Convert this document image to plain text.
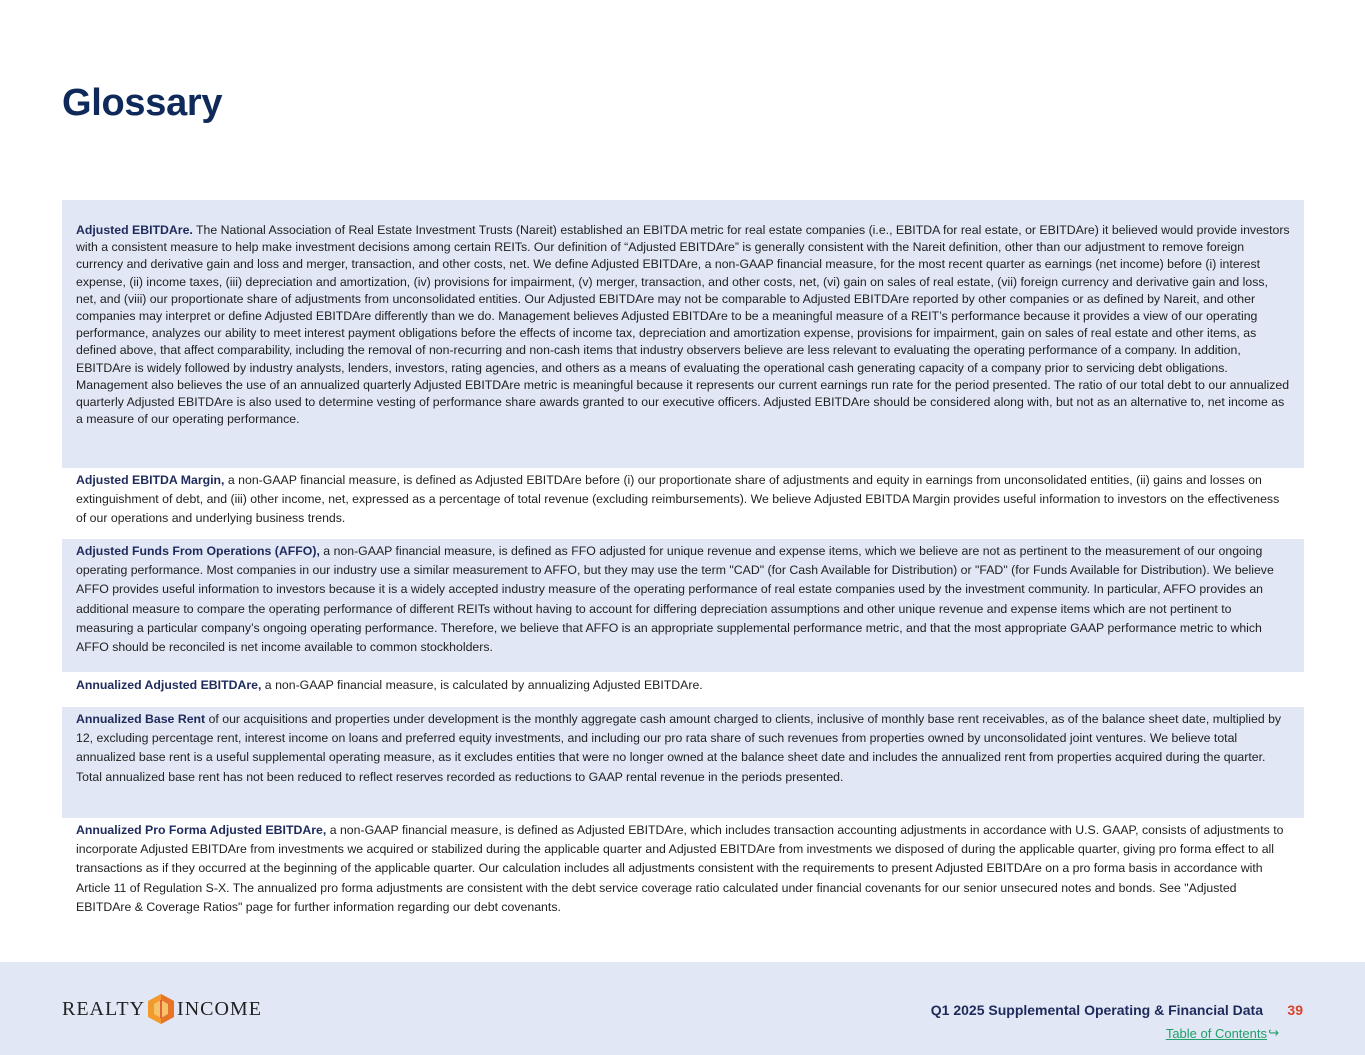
Glossary

Adjusted EBITDAre. The National Association of Real Estate Investment Trusts (Nareit) established an EBITDA metric for real estate companies (i.e., EBITDA for real estate, or EBITDAre) it believed would provide investors with a consistent measure to help make investment decisions among certain REITs. Our definition of “Adjusted EBITDAre” is generally consistent with the Nareit definition, other than our adjustment to remove foreign currency and derivative gain and loss and merger, transaction, and other costs, net. We define Adjusted EBITDAre, a non-GAAP financial measure, for the most recent quarter as earnings (net income) before (i) interest expense, (ii) income taxes, (iii) depreciation and amortization, (iv) provisions for impairment, (v) merger, transaction, and other costs, net, (vi) gain on sales of real estate, (vii) foreign currency and derivative gain and loss, net, and (viii) our proportionate share of adjustments from unconsolidated entities. Our Adjusted EBITDAre may not be comparable to Adjusted EBITDAre reported by other companies or as defined by Nareit, and other companies may interpret or define Adjusted EBITDAre differently than we do. Management believes Adjusted EBITDAre to be a meaningful measure of a REIT’s performance because it provides a view of our operating performance, analyzes our ability to meet interest payment obligations before the effects of income tax, depreciation and amortization expense, provisions for impairment, gain on sales of real estate and other items, as defined above, that affect comparability, including the removal of non-recurring and non-cash items that industry observers believe are less relevant to evaluating the operating performance of a company. In addition, EBITDAre is widely followed by industry analysts, lenders, investors, rating agencies, and others as a means of evaluating the operational cash generating capacity of a company prior to servicing debt obligations. Management also believes the use of an annualized quarterly Adjusted EBITDAre metric is meaningful because it represents our current earnings run rate for the period presented. The ratio of our total debt to our annualized quarterly Adjusted EBITDAre is also used to determine vesting of performance share awards granted to our executive officers. Adjusted EBITDAre should be considered along with, but not as an alternative to, net income as a measure of our operating performance.

Adjusted EBITDA Margin, a non-GAAP financial measure, is defined as Adjusted EBITDAre before (i) our proportionate share of adjustments and equity in earnings from unconsolidated entities, (ii) gains and losses on extinguishment of debt, and (iii) other income, net, expressed as a percentage of total revenue (excluding reimbursements). We believe Adjusted EBITDA Margin provides useful information to investors on the effectiveness of our operations and underlying business trends.

Adjusted Funds From Operations (AFFO), a non-GAAP financial measure, is defined as FFO adjusted for unique revenue and expense items, which we believe are not as pertinent to the measurement of our ongoing operating performance. Most companies in our industry use a similar measurement to AFFO, but they may use the term "CAD" (for Cash Available for Distribution) or "FAD" (for Funds Available for Distribution). We believe AFFO provides useful information to investors because it is a widely accepted industry measure of the operating performance of real estate companies used by the investment community. In particular, AFFO provides an additional measure to compare the operating performance of different REITs without having to account for differing depreciation assumptions and other unique revenue and expense items which are not pertinent to measuring a particular company’s ongoing operating performance. Therefore, we believe that AFFO is an appropriate supplemental performance metric, and that the most appropriate GAAP performance metric to which AFFO should be reconciled is net income available to common stockholders.

Annualized Adjusted EBITDAre, a non-GAAP financial measure, is calculated by annualizing Adjusted EBITDAre.

Annualized Base Rent of our acquisitions and properties under development is the monthly aggregate cash amount charged to clients, inclusive of monthly base rent receivables, as of the balance sheet date, multiplied by 12, excluding percentage rent, interest income on loans and preferred equity investments, and including our pro rata share of such revenues from properties owned by unconsolidated joint ventures. We believe total annualized base rent is a useful supplemental operating measure, as it excludes entities that were no longer owned at the balance sheet date and includes the annualized rent from properties acquired during the quarter. Total annualized base rent has not been reduced to reflect reserves recorded as reductions to GAAP rental revenue in the periods presented.

Annualized Pro Forma Adjusted EBITDAre, a non-GAAP financial measure, is defined as Adjusted EBITDAre, which includes transaction accounting adjustments in accordance with U.S. GAAP, consists of adjustments to incorporate Adjusted EBITDAre from investments we acquired or stabilized during the applicable quarter and Adjusted EBITDAre from investments we disposed of during the applicable quarter, giving pro forma effect to all transactions as if they occurred at the beginning of the applicable quarter. Our calculation includes all adjustments consistent with the requirements to present Adjusted EBITDAre on a pro forma basis in accordance with Article 11 of Regulation S-X. The annualized pro forma adjustments are consistent with the debt service coverage ratio calculated under financial covenants for our senior unsecured notes and bonds. See "Adjusted EBITDAre & Coverage Ratios" page for further information regarding our debt covenants.

REALTY INCOME	Q1 2025 Supplemental Operating & Financial Data 39
Table of Contents ↪
